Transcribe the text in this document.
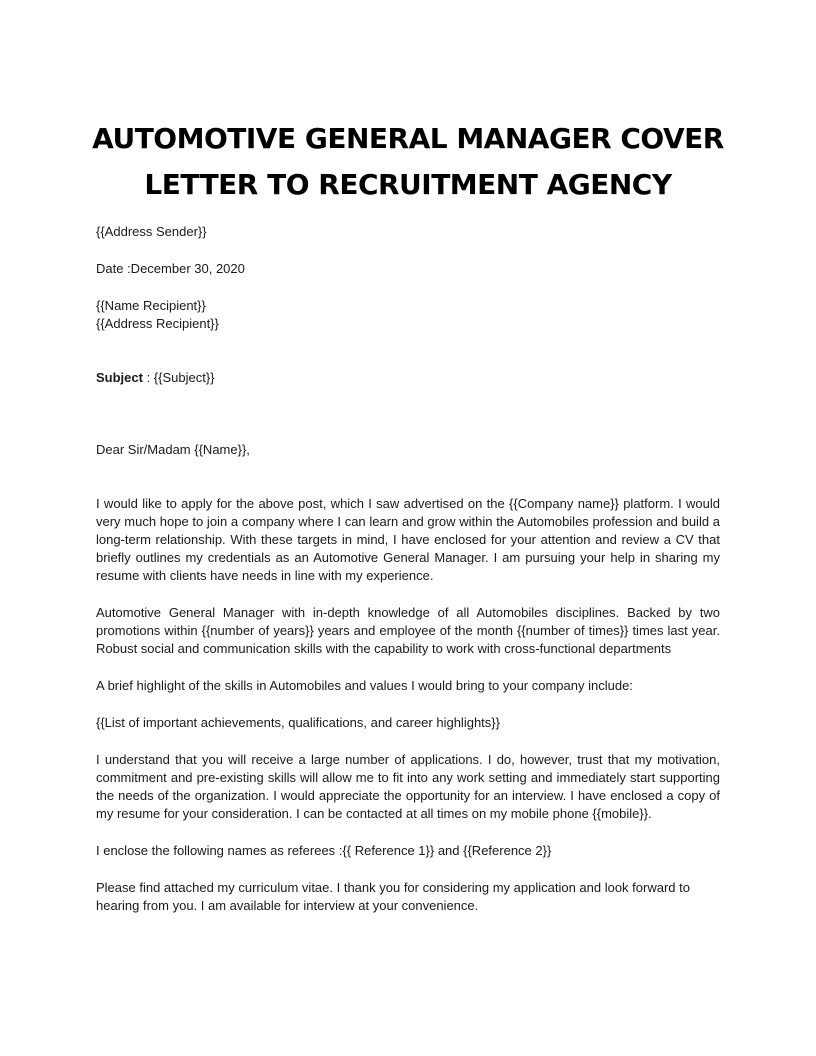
AUTOMOTIVE GENERAL MANAGER COVER
LETTER TO RECRUITMENT AGENCY

{{Address Sender}}

Date :December 30, 2020

{{Name Recipient}}

{{Address Recipient}}

Subject : {{Subject}}

Dear Sir/Madam {{Name}},

I would like to apply for the above post, which I saw advertised on the {{Company name}} platform. I would very much hope to join a company where I can learn and grow within the Automobiles profession and build a long-term relationship. With these targets in mind, I have enclosed for your attention and review a CV that briefly outlines my credentials as an Automotive General Manager. I am pursuing your help in sharing my resume with clients have needs in line with my experience.

Automotive General Manager with in-depth knowledge of all Automobiles disciplines. Backed by two promotions within {{number of years}} years and employee of the month {{number of times}} times last year. Robust social and communication skills with the capability to work with cross-functional departments

A brief highlight of the skills in Automobiles and values I would bring to your company include:

{{List of important achievements, qualifications, and career highlights}}

I understand that you will receive a large number of applications. I do, however, trust that my motivation, commitment and pre-existing skills will allow me to fit into any work setting and immediately start supporting the needs of the organization. I would appreciate the opportunity for an interview. I have enclosed a copy of my resume for your consideration. I can be contacted at all times on my mobile phone {{mobile}}.

I enclose the following names as referees :{{ Reference 1}} and {{Reference 2}}

Please find attached my curriculum vitae. I thank you for considering my application and look forward to hearing from you. I am available for interview at your convenience.
